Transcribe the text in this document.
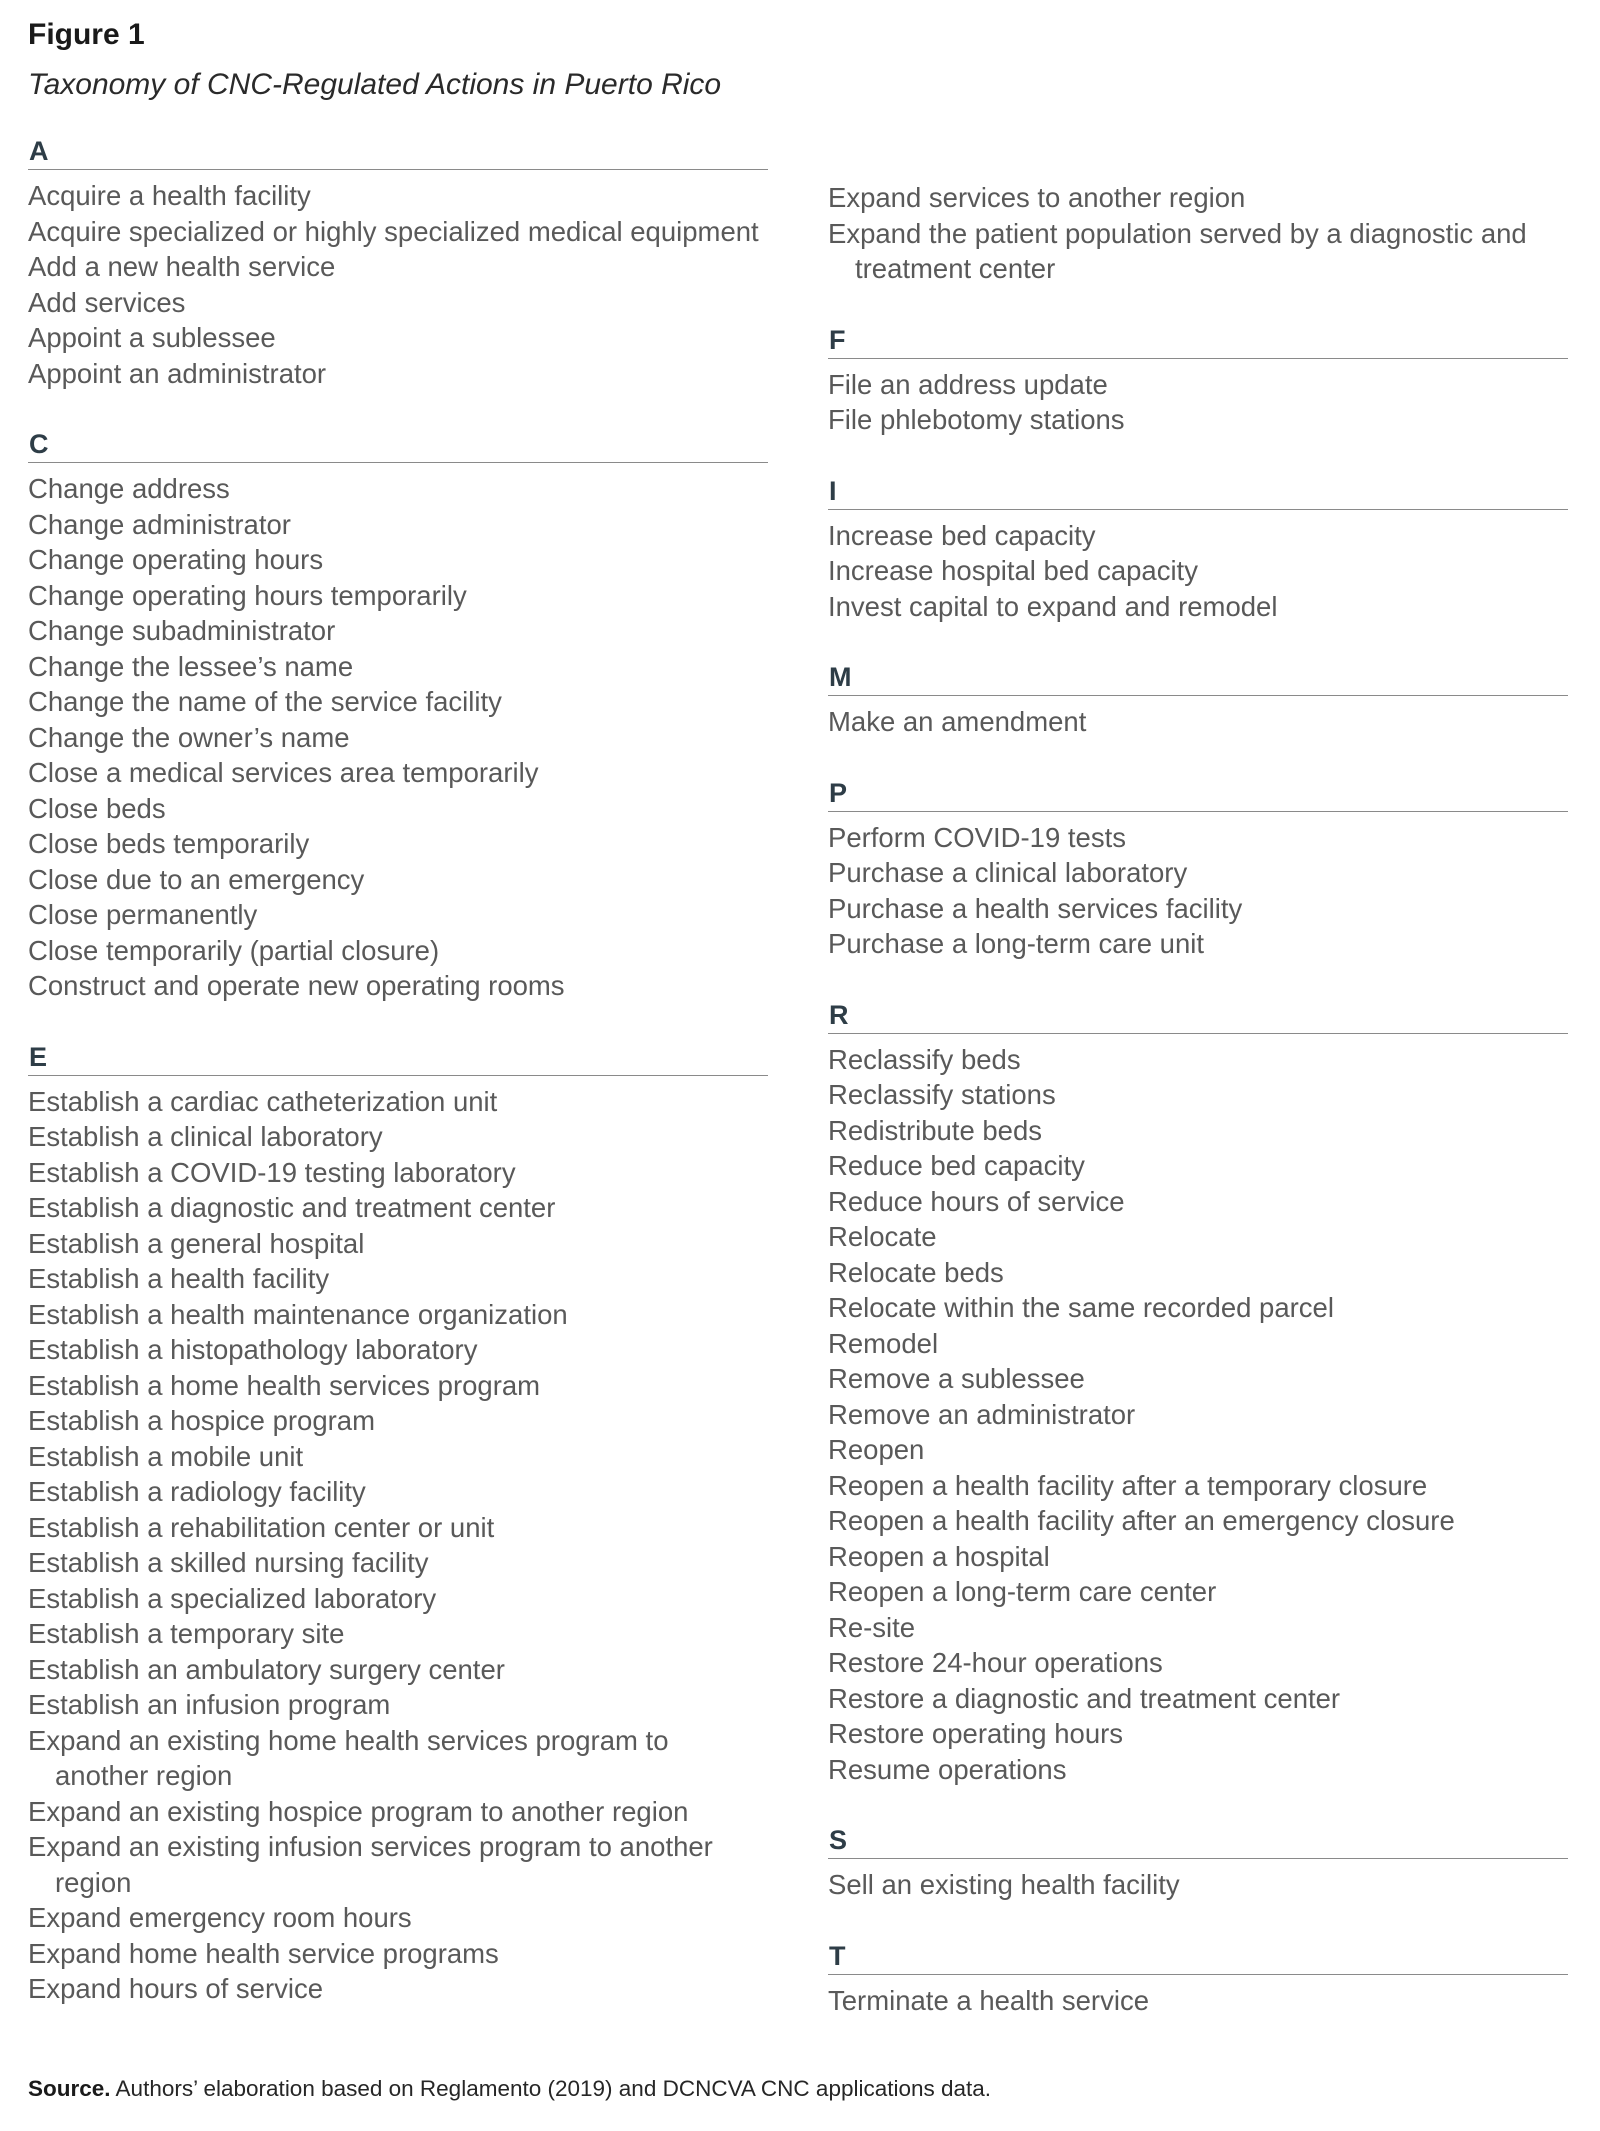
Figure 1
Taxonomy of CNC-Regulated Actions in Puerto Rico
A
Acquire a health facility
Acquire specialized or highly specialized medical equipment
Add a new health service
Add services
Appoint a sublessee
Appoint an administrator
C
Change address
Change administrator
Change operating hours
Change operating hours temporarily
Change subadministrator
Change the lessee’s name
Change the name of the service facility
Change the owner’s name
Close a medical services area temporarily
Close beds
Close beds temporarily
Close due to an emergency
Close permanently
Close temporarily (partial closure)
Construct and operate new operating rooms
E
Establish a cardiac catheterization unit
Establish a clinical laboratory
Establish a COVID-19 testing laboratory
Establish a diagnostic and treatment center
Establish a general hospital
Establish a health facility
Establish a health maintenance organization
Establish a histopathology laboratory
Establish a home health services program
Establish a hospice program
Establish a mobile unit
Establish a radiology facility
Establish a rehabilitation center or unit
Establish a skilled nursing facility
Establish a specialized laboratory
Establish a temporary site
Establish an ambulatory surgery center
Establish an infusion program
Expand an existing home health services program to another region
Expand an existing hospice program to another region
Expand an existing infusion services program to another region
Expand emergency room hours
Expand home health service programs
Expand hours of service
Expand services to another region
Expand the patient population served by a diagnostic and treatment center
F
File an address update
File phlebotomy stations
I
Increase bed capacity
Increase hospital bed capacity
Invest capital to expand and remodel
M
Make an amendment
P
Perform COVID-19 tests
Purchase a clinical laboratory
Purchase a health services facility
Purchase a long-term care unit
R
Reclassify beds
Reclassify stations
Redistribute beds
Reduce bed capacity
Reduce hours of service
Relocate
Relocate beds
Relocate within the same recorded parcel
Remodel
Remove a sublessee
Remove an administrator
Reopen
Reopen a health facility after a temporary closure
Reopen a health facility after an emergency closure
Reopen a hospital
Reopen a long-term care center
Re-site
Restore 24-hour operations
Restore a diagnostic and treatment center
Restore operating hours
Resume operations
S
Sell an existing health facility
T
Terminate a health service
Source. Authors’ elaboration based on Reglamento (2019) and DCNCVA CNC applications data.
